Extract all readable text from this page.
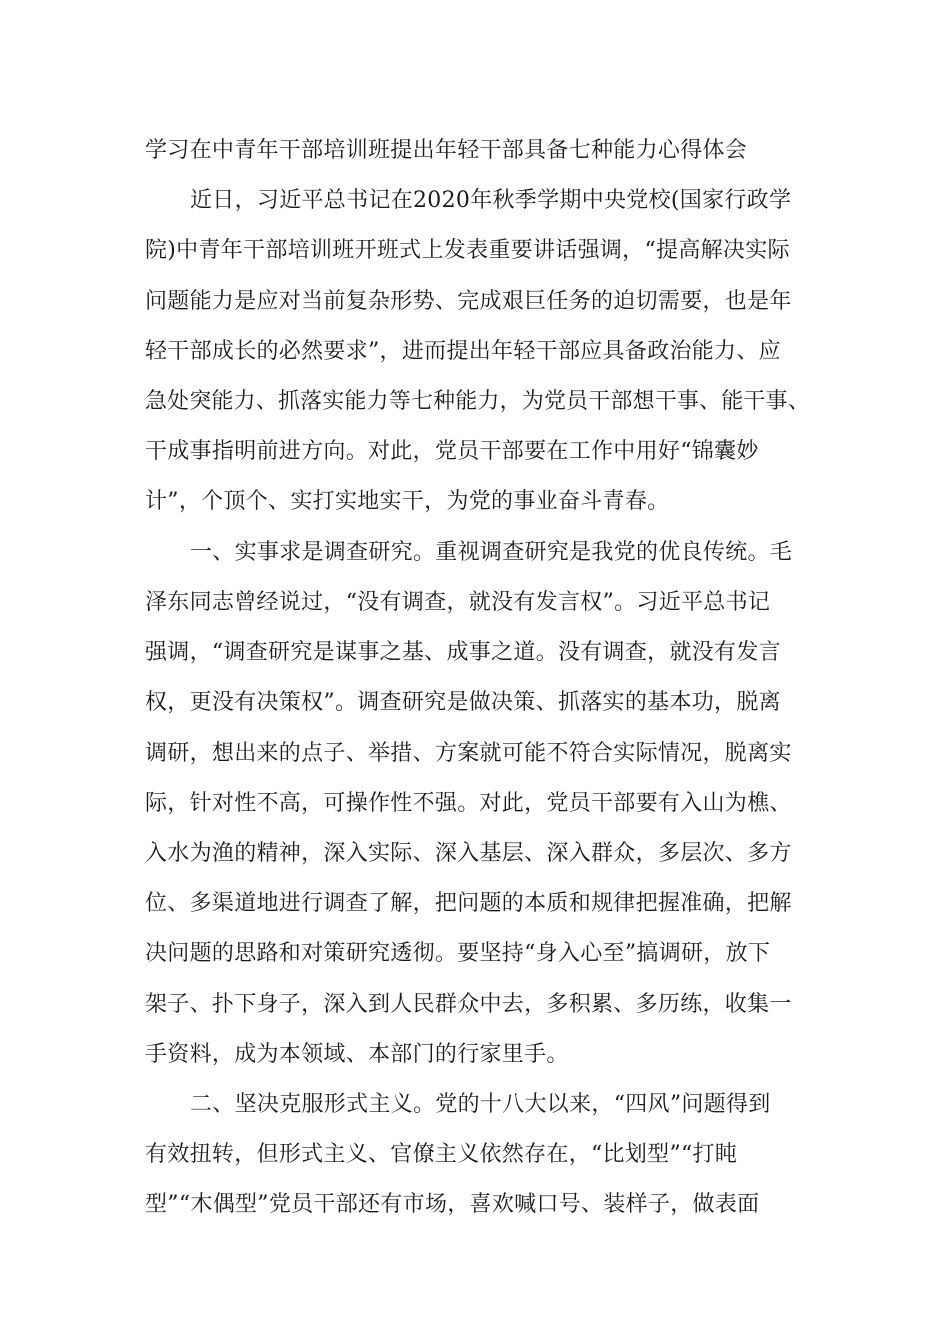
学习在中青年干部培训班提出年轻干部具备七种能力心得体会
近日，习近平总书记在2020年秋季学期中央党校(国家行政学
院)中青年干部培训班开班式上发表重要讲话强调，“提高解决实际
问题能力是应对当前复杂形势、完成艰巨任务的迫切需要，也是年
轻干部成长的必然要求”，进而提出年轻干部应具备政治能力、应
急处突能力、抓落实能力等七种能力，为党员干部想干事、能干事、
干成事指明前进方向。对此，党员干部要在工作中用好“锦囊妙
计”，个顶个、实打实地实干，为党的事业奋斗青春。
一、实事求是调查研究。重视调查研究是我党的优良传统。毛
泽东同志曾经说过，“没有调查，就没有发言权”。习近平总书记
强调，“调查研究是谋事之基、成事之道。没有调查，就没有发言
权，更没有决策权”。调查研究是做决策、抓落实的基本功，脱离
调研，想出来的点子、举措、方案就可能不符合实际情况，脱离实
际，针对性不高，可操作性不强。对此，党员干部要有入山为樵、
入水为渔的精神，深入实际、深入基层、深入群众，多层次、多方
位、多渠道地进行调查了解，把问题的本质和规律把握准确，把解
决问题的思路和对策研究透彻。要坚持“身入心至”搞调研，放下
架子、扑下身子，深入到人民群众中去，多积累、多历练，收集一
手资料，成为本领域、本部门的行家里手。
二、坚决克服形式主义。党的十八大以来，“四风”问题得到
有效扭转，但形式主义、官僚主义依然存在，“比划型”“打盹
型”“木偶型”党员干部还有市场，喜欢喊口号、装样子，做表面
